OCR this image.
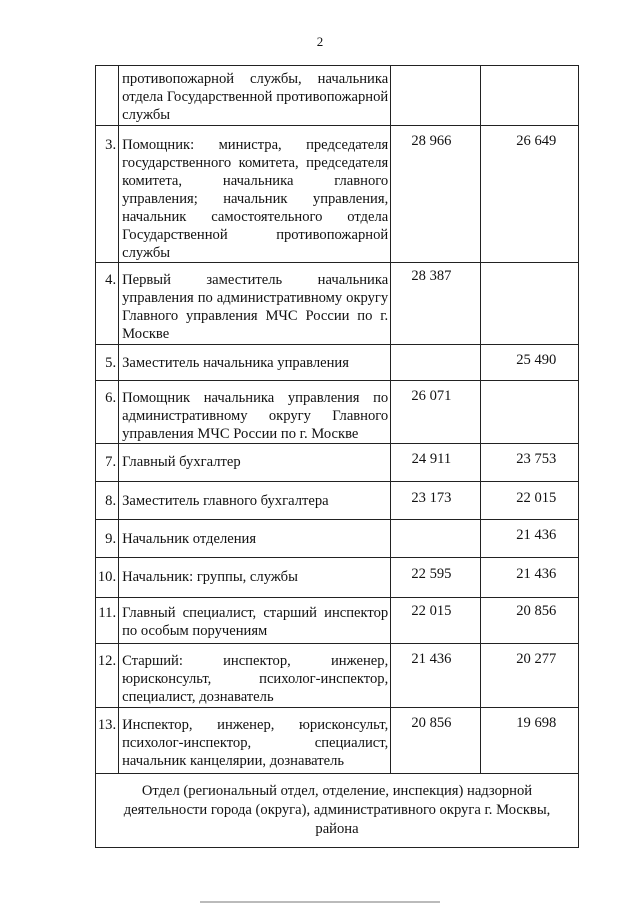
2

	противопожарной службы, начальника отдела Государственной противопожарной службы		

3.	Помощник: министра, председателя государственного комитета, председателя комитета, начальника главного управления; начальник управления, начальник самостоятельного отдела Государственной противопожарной службы	28 966	26 649
4.	Первый заместитель начальника управления по административному округу Главного управления МЧС России по г. Москве	28 387	
5.	Заместитель начальника управления		25 490
6.	Помощник начальника управления по административному округу Главного управления МЧС России по г. Москве	26 071	
7.	Главный бухгалтер	24 911	23 753
8.	Заместитель главного бухгалтера	23 173	22 015
9.	Начальник отделения		21 436
10.	Начальник: группы, службы	22 595	21 436
11.	Главный специалист, старший инспектор по особым поручениям	22 015	20 856
12.	Старший: инспектор, инженер, юрисконсульт, психолог-инспектор, специалист, дознаватель	21 436	20 277
13.	Инспектор, инженер, юрисконсульт, психолог-инспектор, специалист, начальник канцелярии, дознаватель	20 856	19 698
Отдел (региональный отдел, отделение, инспекция) надзорной деятельности города (округа), административного округа г. Москвы, района			
